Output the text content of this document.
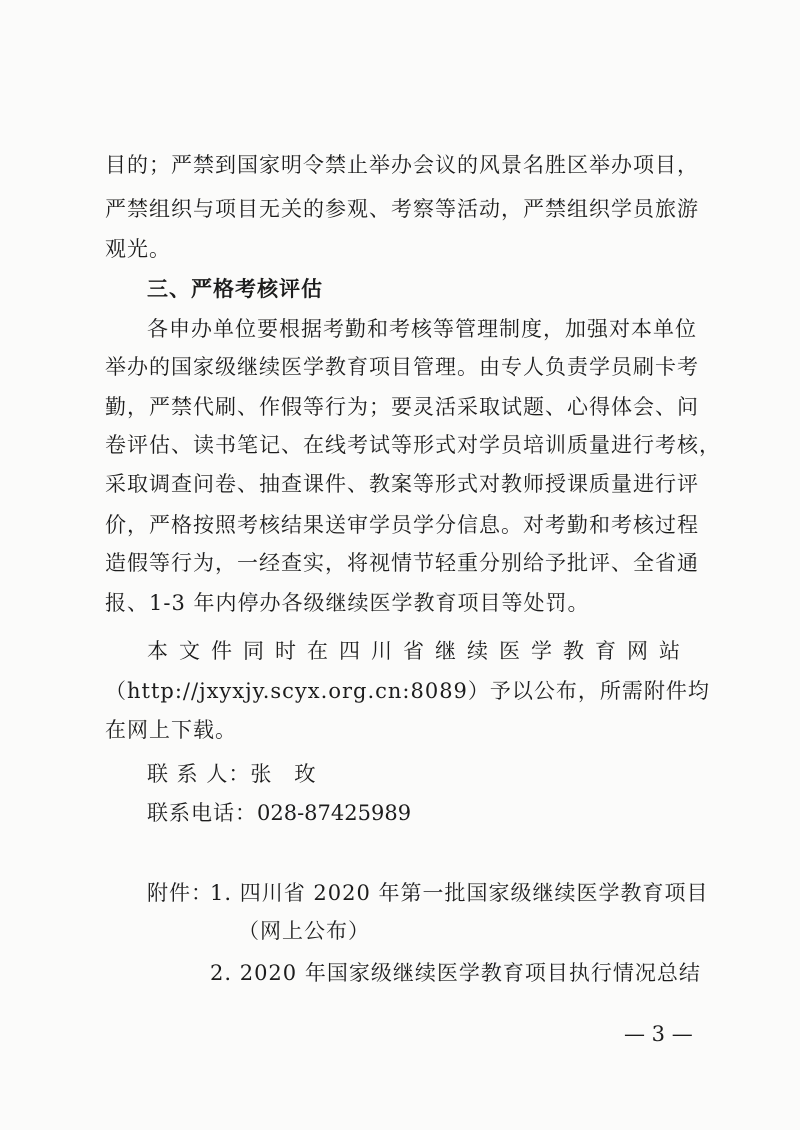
目的；严禁到国家明令禁止举办会议的风景名胜区举办项目，
严禁组织与项目无关的参观、考察等活动，严禁组织学员旅游
观光。
三、严格考核评估
各申办单位要根据考勤和考核等管理制度，加强对本单位
举办的国家级继续医学教育项目管理。由专人负责学员刷卡考
勤，严禁代刷、作假等行为；要灵活采取试题、心得体会、问
卷评估、读书笔记、在线考试等形式对学员培训质量进行考核，
采取调查问卷、抽查课件、教案等形式对教师授课质量进行评
价，严格按照考核结果送审学员学分信息。对考勤和考核过程
造假等行为，一经查实，将视情节轻重分别给予批评、全省通
报、1-3 年内停办各级继续医学教育项目等处罚。
本文件同时在四川省继续医学教育网站
（http://jxyxjy.scyx.org.cn:8089）予以公布，所需附件均
在网上下载。
联 系 人：张　玫
联系电话：028-87425989
附件：
1. 四川省 2020 年第一批国家级继续医学教育项目
（网上公布）
2. 2020 年国家级继续医学教育项目执行情况总结
— 3 —
